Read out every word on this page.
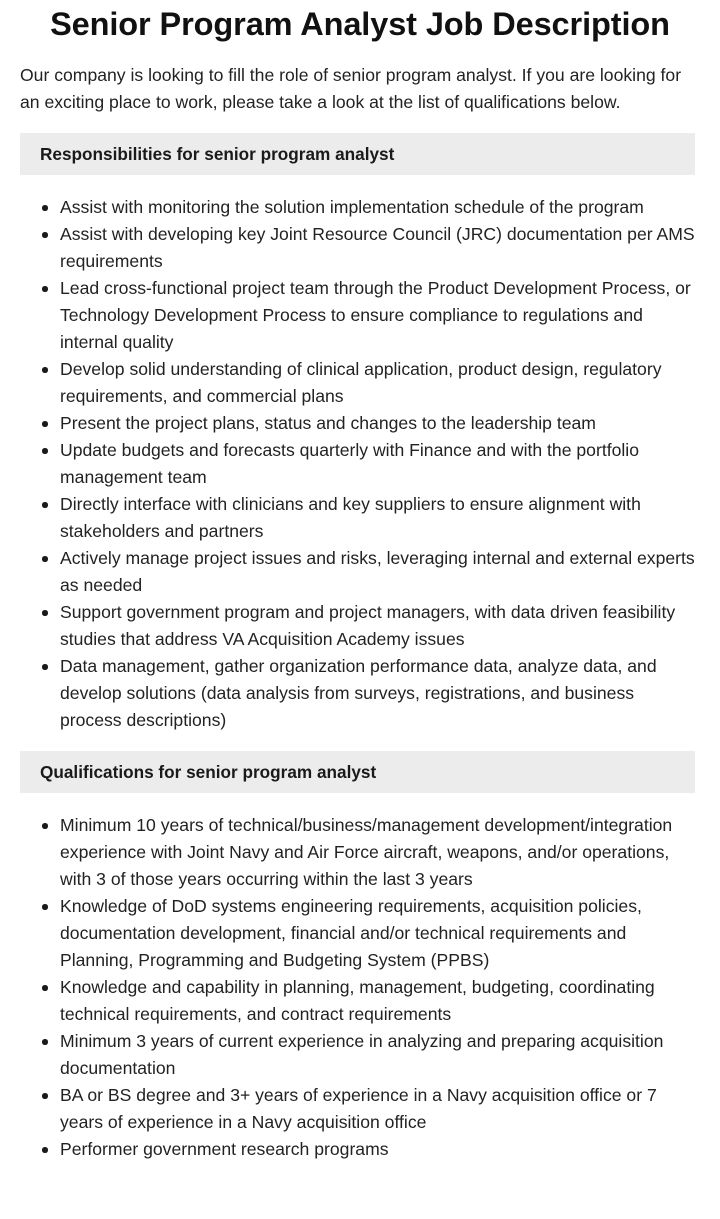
Senior Program Analyst Job Description

Our company is looking to fill the role of senior program analyst. If you are looking for an exciting place to work, please take a look at the list of qualifications below.

Responsibilities for senior program analyst
Assist with monitoring the solution implementation schedule of the program
Assist with developing key Joint Resource Council (JRC) documentation per AMS requirements
Lead cross-functional project team through the Product Development Process, or Technology Development Process to ensure compliance to regulations and internal quality
Develop solid understanding of clinical application, product design, regulatory requirements, and commercial plans
Present the project plans, status and changes to the leadership team
Update budgets and forecasts quarterly with Finance and with the portfolio management team
Directly interface with clinicians and key suppliers to ensure alignment with stakeholders and partners
Actively manage project issues and risks, leveraging internal and external experts as needed
Support government program and project managers, with data driven feasibility studies that address VA Acquisition Academy issues
Data management, gather organization performance data, analyze data, and develop solutions (data analysis from surveys, registrations, and business process descriptions)
Qualifications for senior program analyst
Minimum 10 years of technical/business/management development/integration experience with Joint Navy and Air Force aircraft, weapons, and/or operations, with 3 of those years occurring within the last 3 years
Knowledge of DoD systems engineering requirements, acquisition policies, documentation development, financial and/or technical requirements and Planning, Programming and Budgeting System (PPBS)
Knowledge and capability in planning, management, budgeting, coordinating technical requirements, and contract requirements
Minimum 3 years of current experience in analyzing and preparing acquisition documentation
BA or BS degree and 3+ years of experience in a Navy acquisition office or 7 years of experience in a Navy acquisition office
Performer government research programs
